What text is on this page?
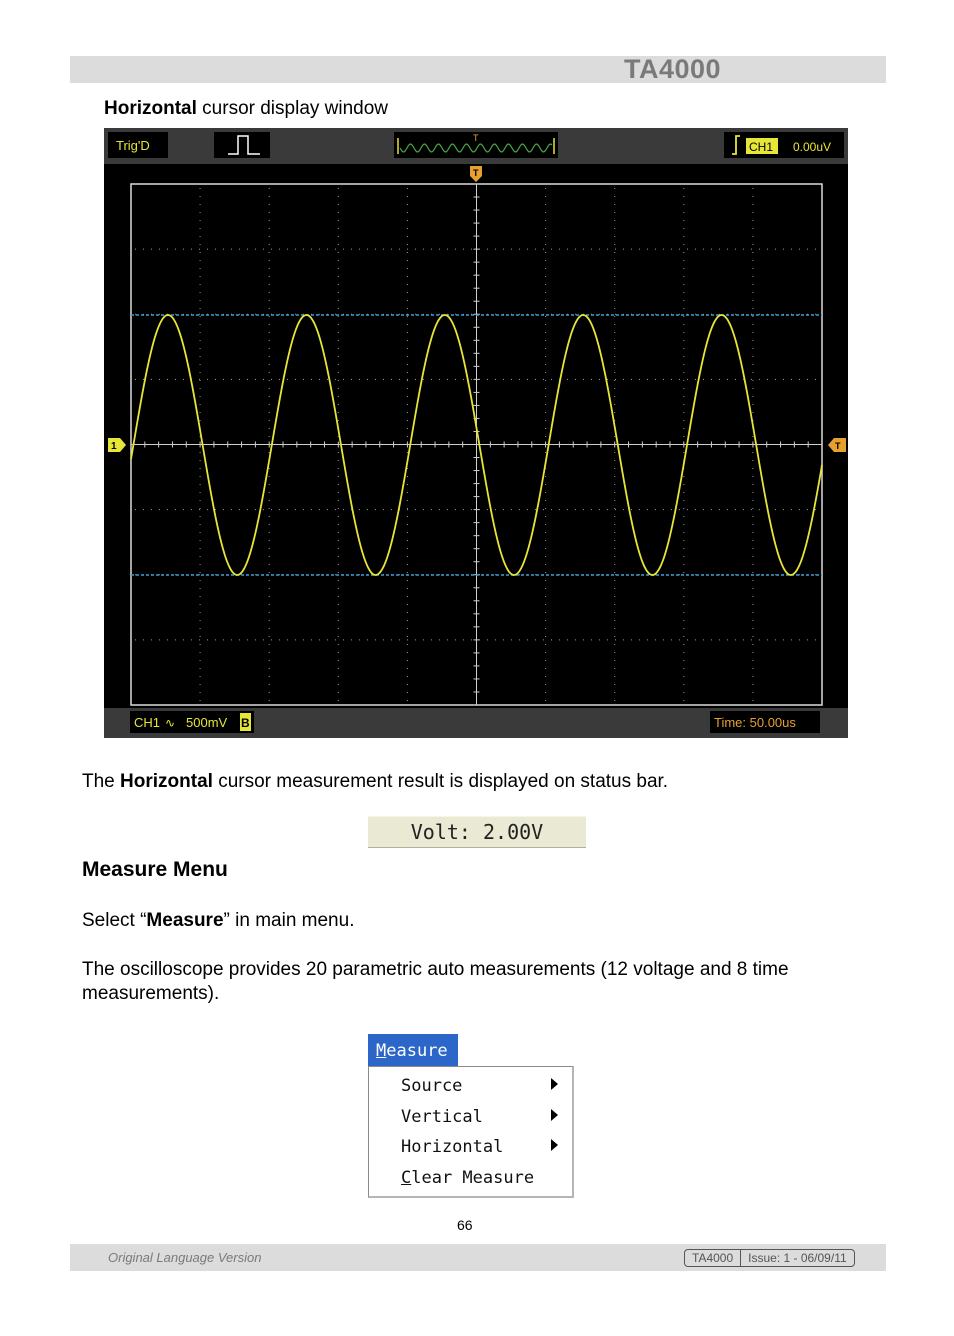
TA4000
Horizontal cursor display window
Trig'D	T
CH1 0.00uV
T
1	T
CH1 ∿ 500mV B	Time: 50.00us
The Horizontal cursor measurement result is displayed on status bar.
Volt: 2.00V
Measure Menu
Select “Measure” in main menu.
The oscilloscope provides 20 parametric auto measurements (12 voltage and 8 time measurements).
Measure
Source
Vertical
Horizontal
Clear Measure
66
Original Language Version	TA4000	Issue: 1 - 06/09/11
